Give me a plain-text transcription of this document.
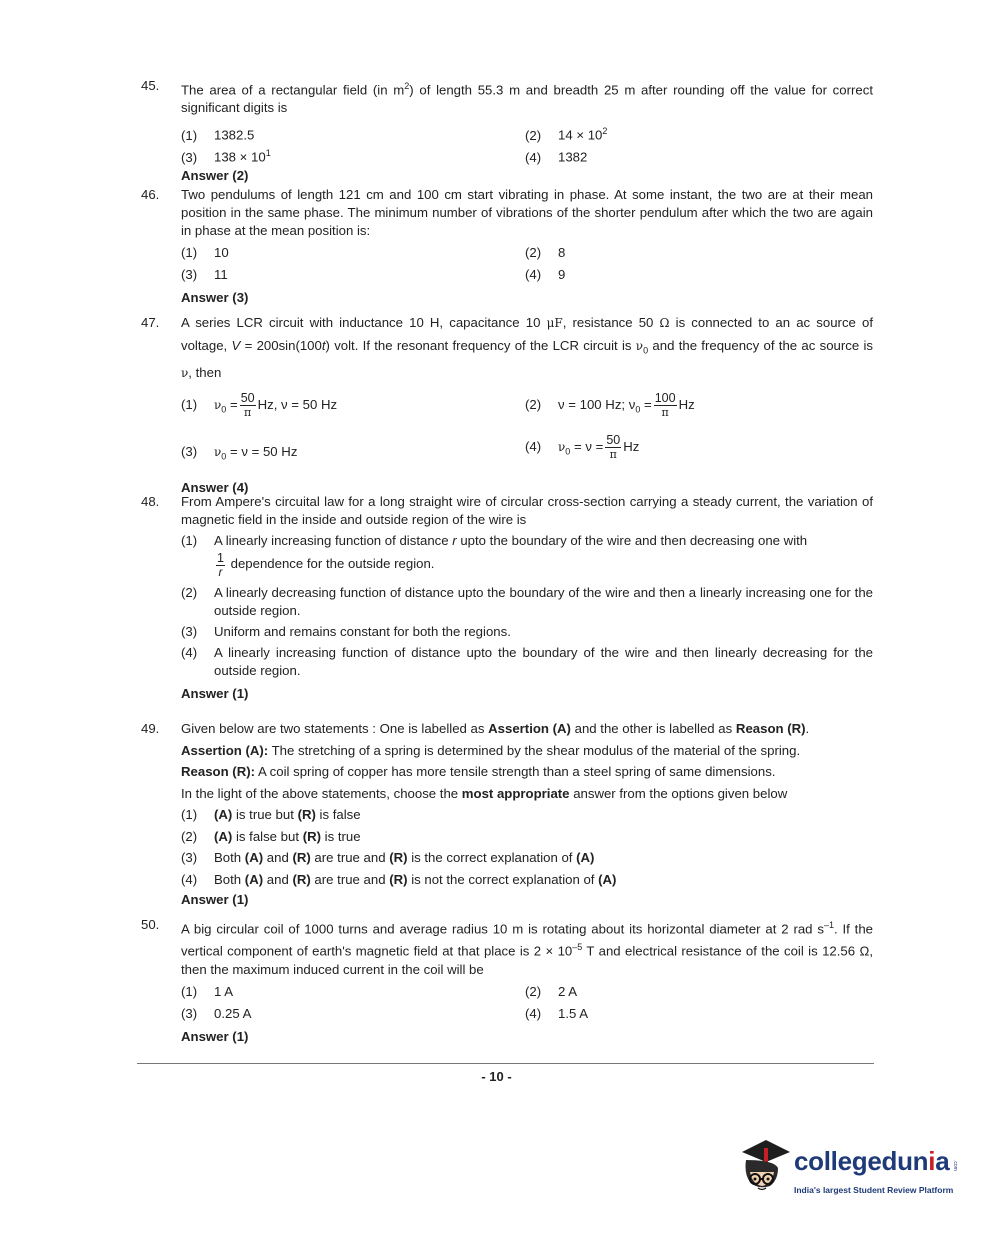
45. The area of a rectangular field (in $m^2$) of length 55.3 m and breadth 25 m after rounding off the value for correct significant digits is
(1) 1382.5	(2) $14 \times 10^2$
(3) $138 \times 10^1$	(4) 1382
Answer (2)
46. Two pendulums of length 121 cm and 100 cm start vibrating in phase. At some instant, the two are at their mean position in the same phase. The minimum number of vibrations of the shorter pendulum after which the two are again in phase at the mean position is:
(1) 10	(2) 8
(3) 11	(4) 9
Answer (3)
47. A series LCR circuit with inductance 10 H, capacitance 10 μF, resistance 50 Ω is connected to an ac source of voltage, V = 200sin(100t) volt. If the resonant frequency of the LCR circuit is $\nu_0$ and the frequency of the ac source is ν, then
(1) $\nu_0 = \frac{50}{\pi} Hz$, ν = 50 Hz	(2) ν = 100 Hz; $\nu_0 = \frac{100}{\pi}$ Hz
(3) $\nu_0 = \nu = 50$ Hz	(4) $\nu_0 = \nu = \frac{50}{\pi}$ Hz
Answer (4)
48. From Ampere's circuital law for a long straight wire of circular cross-section carrying a steady current, the variation of magnetic field in the inside and outside region of the wire is
(1) A linearly increasing function of distance r upto the boundary of the wire and then decreasing one with

$\frac{1}{r}$ dependence for the outside region.
(2) A linearly decreasing function of distance upto the boundary of the wire and then a linearly increasing one for the outside region.
(3) Uniform and remains constant for both the regions.
(4) A linearly increasing function of distance upto the boundary of the wire and then linearly decreasing for the outside region.
Answer (1)
49. Given below are two statements : One is labelled as Assertion (A) and the other is labelled as Reason (R).
Assertion (A): The stretching of a spring is determined by the shear modulus of the material of the spring.
Reason (R): A coil spring of copper has more tensile strength than a steel spring of same dimensions.
In the light of the above statements, choose the most appropriate answer from the options given below
(1) (A) is true but (R) is false
(2) (A) is false but (R) is true
(3) Both (A) and (R) are true and (R) is the correct explanation of (A)
(4) Both (A) and (R) are true and (R) is not the correct explanation of (A)
Answer (1)
50. A big circular coil of 1000 turns and average radius 10 m is rotating about its horizontal diameter at 2 rad $s^{-1}$. If the vertical component of earth's magnetic field at that place is $2 \times 10^{-5}$ T and electrical resistance of the coil is 12.56 Ω, then the maximum induced current in the coil will be
(1) 1 A	(2) 2 A
(3) 0.25 A	(4) 1.5 A
Answer (1)
- 10 -
collegedunia .com
India's largest Student Review Platform
